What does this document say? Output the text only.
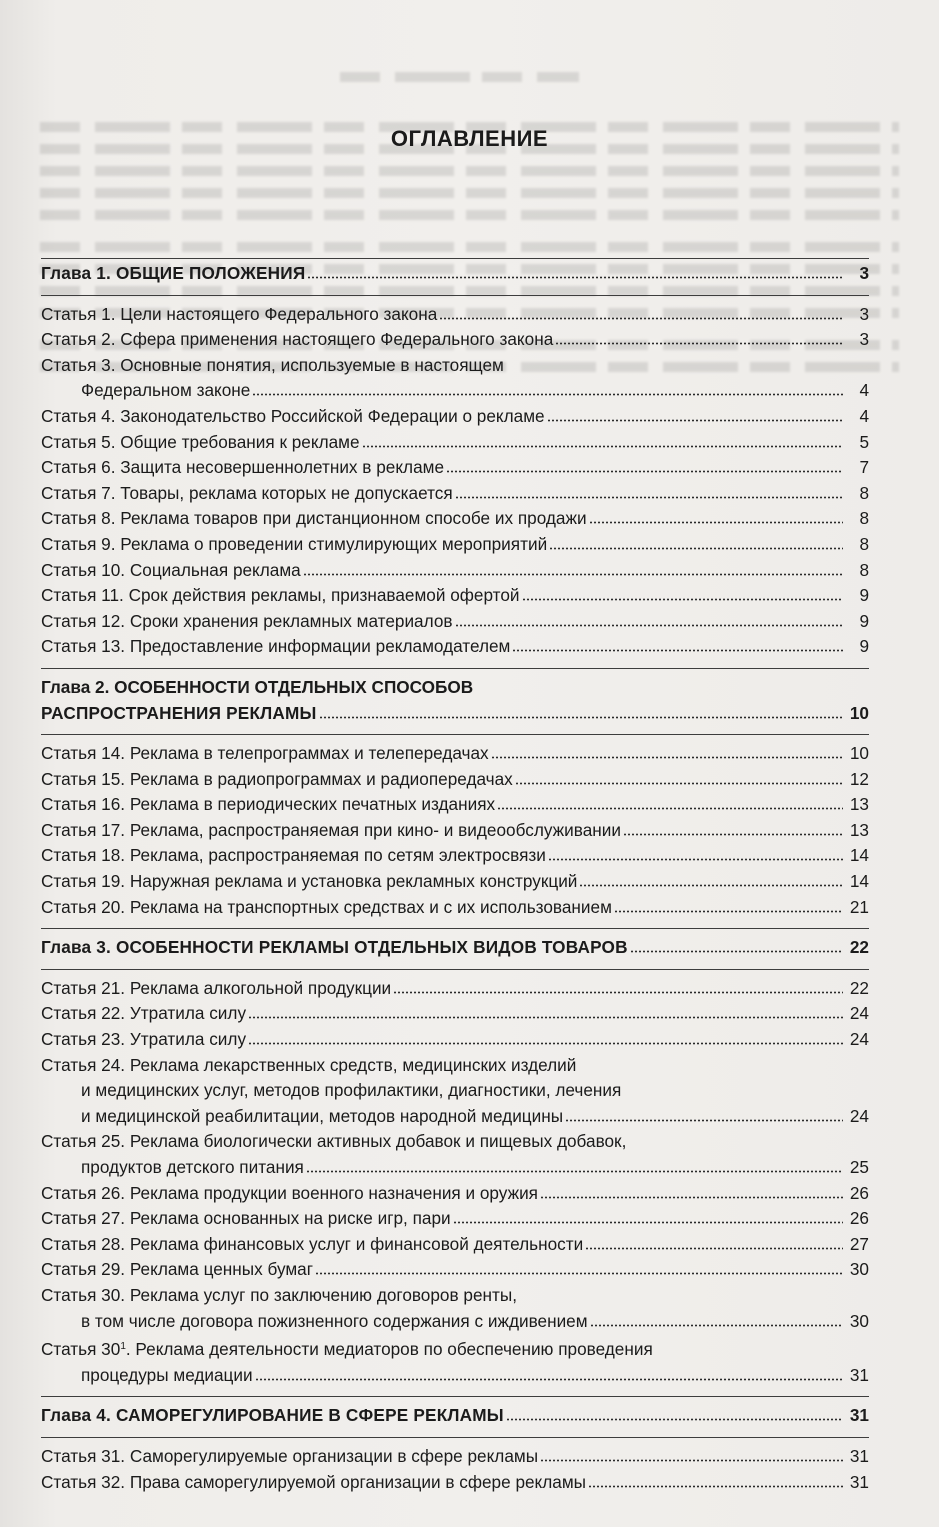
ОГЛАВЛЕНИЕ
Глава 1. ОБЩИЕ ПОЛОЖЕНИЯ	3
Статья 1. Цели настоящего Федерального закона	3
Статья 2. Сфера применения настоящего Федерального закона	3
Статья 3. Основные понятия, используемые в настоящем
Федеральном законе	4
Статья 4. Законодательство Российской Федерации о рекламе	4
Статья 5. Общие требования к рекламе	5
Статья 6. Защита несовершеннолетних в рекламе	7
Статья 7. Товары, реклама которых не допускается	8
Статья 8. Реклама товаров при дистанционном способе их продажи	8
Статья 9. Реклама о проведении стимулирующих мероприятий	8
Статья 10. Социальная реклама	8
Статья 11. Срок действия рекламы, признаваемой офертой	9
Статья 12. Сроки хранения рекламных материалов	9
Статья 13. Предоставление информации рекламодателем	9
Глава 2. ОСОБЕННОСТИ ОТДЕЛЬНЫХ СПОСОБОВ
РАСПРОСТРАНЕНИЯ РЕКЛАМЫ	10
Статья 14. Реклама в телепрограммах и телепередачах	10
Статья 15. Реклама в радиопрограммах и радиопередачах	12
Статья 16. Реклама в периодических печатных изданиях	13
Статья 17. Реклама, распространяемая при кино- и видеообслуживании	13
Статья 18. Реклама, распространяемая по сетям электросвязи	14
Статья 19. Наружная реклама и установка рекламных конструкций	14
Статья 20. Реклама на транспортных средствах и с их использованием	21
Глава 3. ОСОБЕННОСТИ РЕКЛАМЫ ОТДЕЛЬНЫХ ВИДОВ ТОВАРОВ	22
Статья 21. Реклама алкогольной продукции	22
Статья 22. Утратила силу	24
Статья 23. Утратила силу	24
Статья 24. Реклама лекарственных средств, медицинских изделий
и медицинских услуг, методов профилактики, диагностики, лечения
и медицинской реабилитации, методов народной медицины	24
Статья 25. Реклама биологически активных добавок и пищевых добавок,
продуктов детского питания	25
Статья 26. Реклама продукции военного назначения и оружия	26
Статья 27. Реклама основанных на риске игр, пари	26
Статья 28. Реклама финансовых услуг и финансовой деятельности	27
Статья 29. Реклама ценных бумаг	30
Статья 30. Реклама услуг по заключению договоров ренты,
в том числе договора пожизненного содержания с иждивением	30
Статья $30^1$. Реклама деятельности медиаторов по обеспечению проведения
процедуры медиации	31
Глава 4. САМОРЕГУЛИРОВАНИЕ В СФЕРЕ РЕКЛАМЫ	31
Статья 31. Саморегулируемые организации в сфере рекламы	31
Статья 32. Права саморегулируемой организации в сфере рекламы	31
